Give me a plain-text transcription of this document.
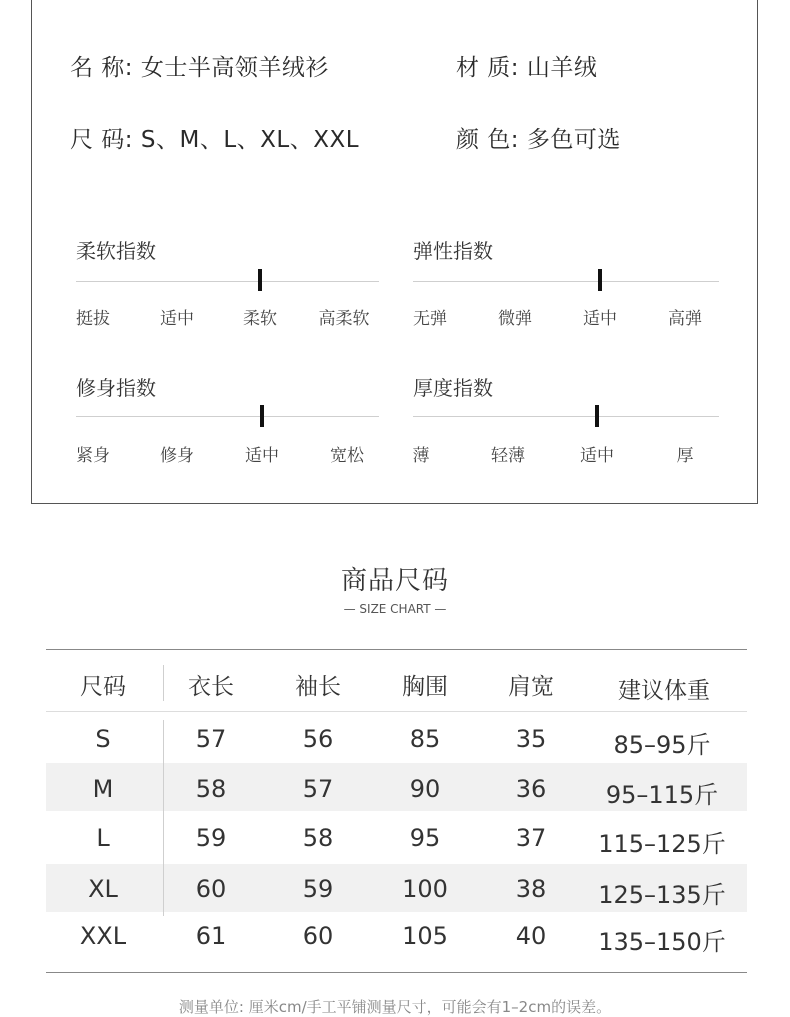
名 称: 女士半高领羊绒衫	材 质: 山羊绒
尺 码: S、M、L、XL、XXL	颜 色: 多色可选
柔软指数
挺拔	适中	柔软 高柔软
弹性指数
无弹	微弹	适中	高弹
修身指数
紧身	修身	适中	宽松
厚度指数
薄	轻薄	适中	厚
商品尺码
— SIZE CHART —
尺码	衣长	袖长	胸围	肩宽	建议体重
S	57	56	85	35	85–95斤
M	58	57	90	36 95–115斤
L	59	58	95	37 115–125斤
XL	60	59	100	38 125–135斤
XXL	61	60	105	40 135–150斤
测量单位: 厘米cm/手工平铺测量尺寸，可能会有1–2cm的误差。
